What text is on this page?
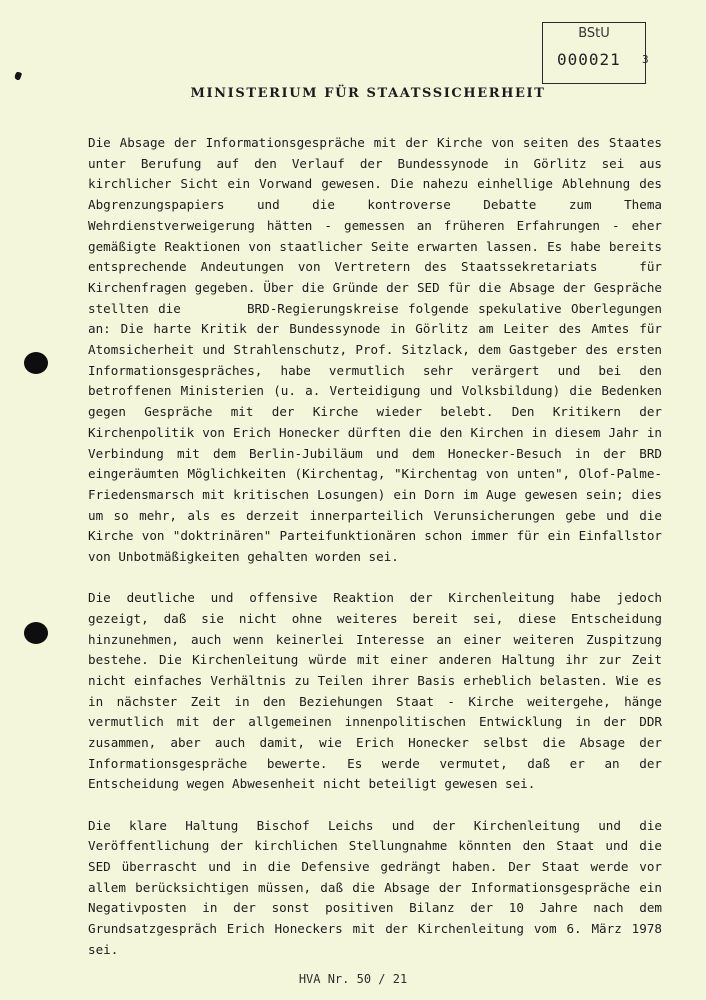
BStU
000021 3
MINISTERIUM FÜR STAATSSICHERHEIT

Die Absage der Informationsgespräche mit der Kirche von seiten des Staates unter Berufung auf den Verlauf der Bundessynode in Görlitz sei aus kirchlicher Sicht ein Vorwand gewesen. Die nahezu einhellige Ablehnung des Abgrenzungspapiers und die kontroverse Debatte zum Thema Wehrdienstverweigerung hätten - gemessen an früheren Erfahrungen - eher gemäßigte Reaktionen von staatlicher Seite erwarten lassen. Es habe bereits entsprechende Andeutungen von Vertretern des Staatssekretariats   für Kirchenfragen gegeben. Über die Gründe der SED für die Absage der Gespräche stellten die       BRD-Regierungskreise folgende spekulative Oberlegungen an: Die harte Kritik der Bundessynode in Görlitz am Leiter des Amtes für Atomsicherheit und Strahlenschutz, Prof. Sitzlack, dem Gastgeber des ersten Informationsgespräches, habe vermutlich sehr verärgert und bei den betroffenen Ministerien (u. a. Verteidigung und Volksbildung) die Bedenken gegen Gespräche mit der Kirche wieder belebt. Den Kritikern der Kirchenpolitik von Erich Honecker dürften die den Kirchen in diesem Jahr in Verbindung mit dem Berlin-Jubiläum und dem Honecker-Besuch in der BRD eingeräumten Möglichkeiten (Kirchentag, "Kirchentag von unten", Olof-Palme-Friedensmarsch mit kritischen Losungen) ein Dorn im Auge gewesen sein; dies um so mehr, als es derzeit innerparteilich Verunsicherungen gebe und die Kirche von "doktrinären" Parteifunktionären schon immer für ein Einfallstor von Unbotmäßigkeiten gehalten worden sei.

Die deutliche und offensive Reaktion der Kirchenleitung habe jedoch gezeigt, daß sie nicht ohne weiteres bereit sei, diese Entscheidung hinzunehmen, auch wenn keinerlei Interesse an einer weiteren Zuspitzung bestehe. Die Kirchenleitung würde mit einer anderen Haltung ihr zur Zeit nicht einfaches Verhältnis zu Teilen ihrer Basis erheblich belasten. Wie es in nächster Zeit in den Beziehungen Staat - Kirche weitergehe, hänge vermutlich mit der allgemeinen innenpolitischen Entwicklung in der DDR zusammen, aber auch damit, wie Erich Honecker selbst die Absage der Informationsgespräche bewerte. Es werde vermutet, daß er an der Entscheidung wegen Abwesenheit nicht beteiligt gewesen sei.

Die klare Haltung Bischof Leichs und der Kirchenleitung und die Veröffentlichung der kirchlichen Stellungnahme könnten den Staat und die SED überrascht und in die Defensive gedrängt haben. Der Staat werde vor allem berücksichtigen müssen, daß die Absage der Informationsgespräche ein Negativposten in der sonst positiven Bilanz der 10 Jahre nach dem Grundsatzgespräch Erich Honeckers mit der Kirchenleitung vom 6. März 1978 sei.

HVA Nr. 50 / 21
